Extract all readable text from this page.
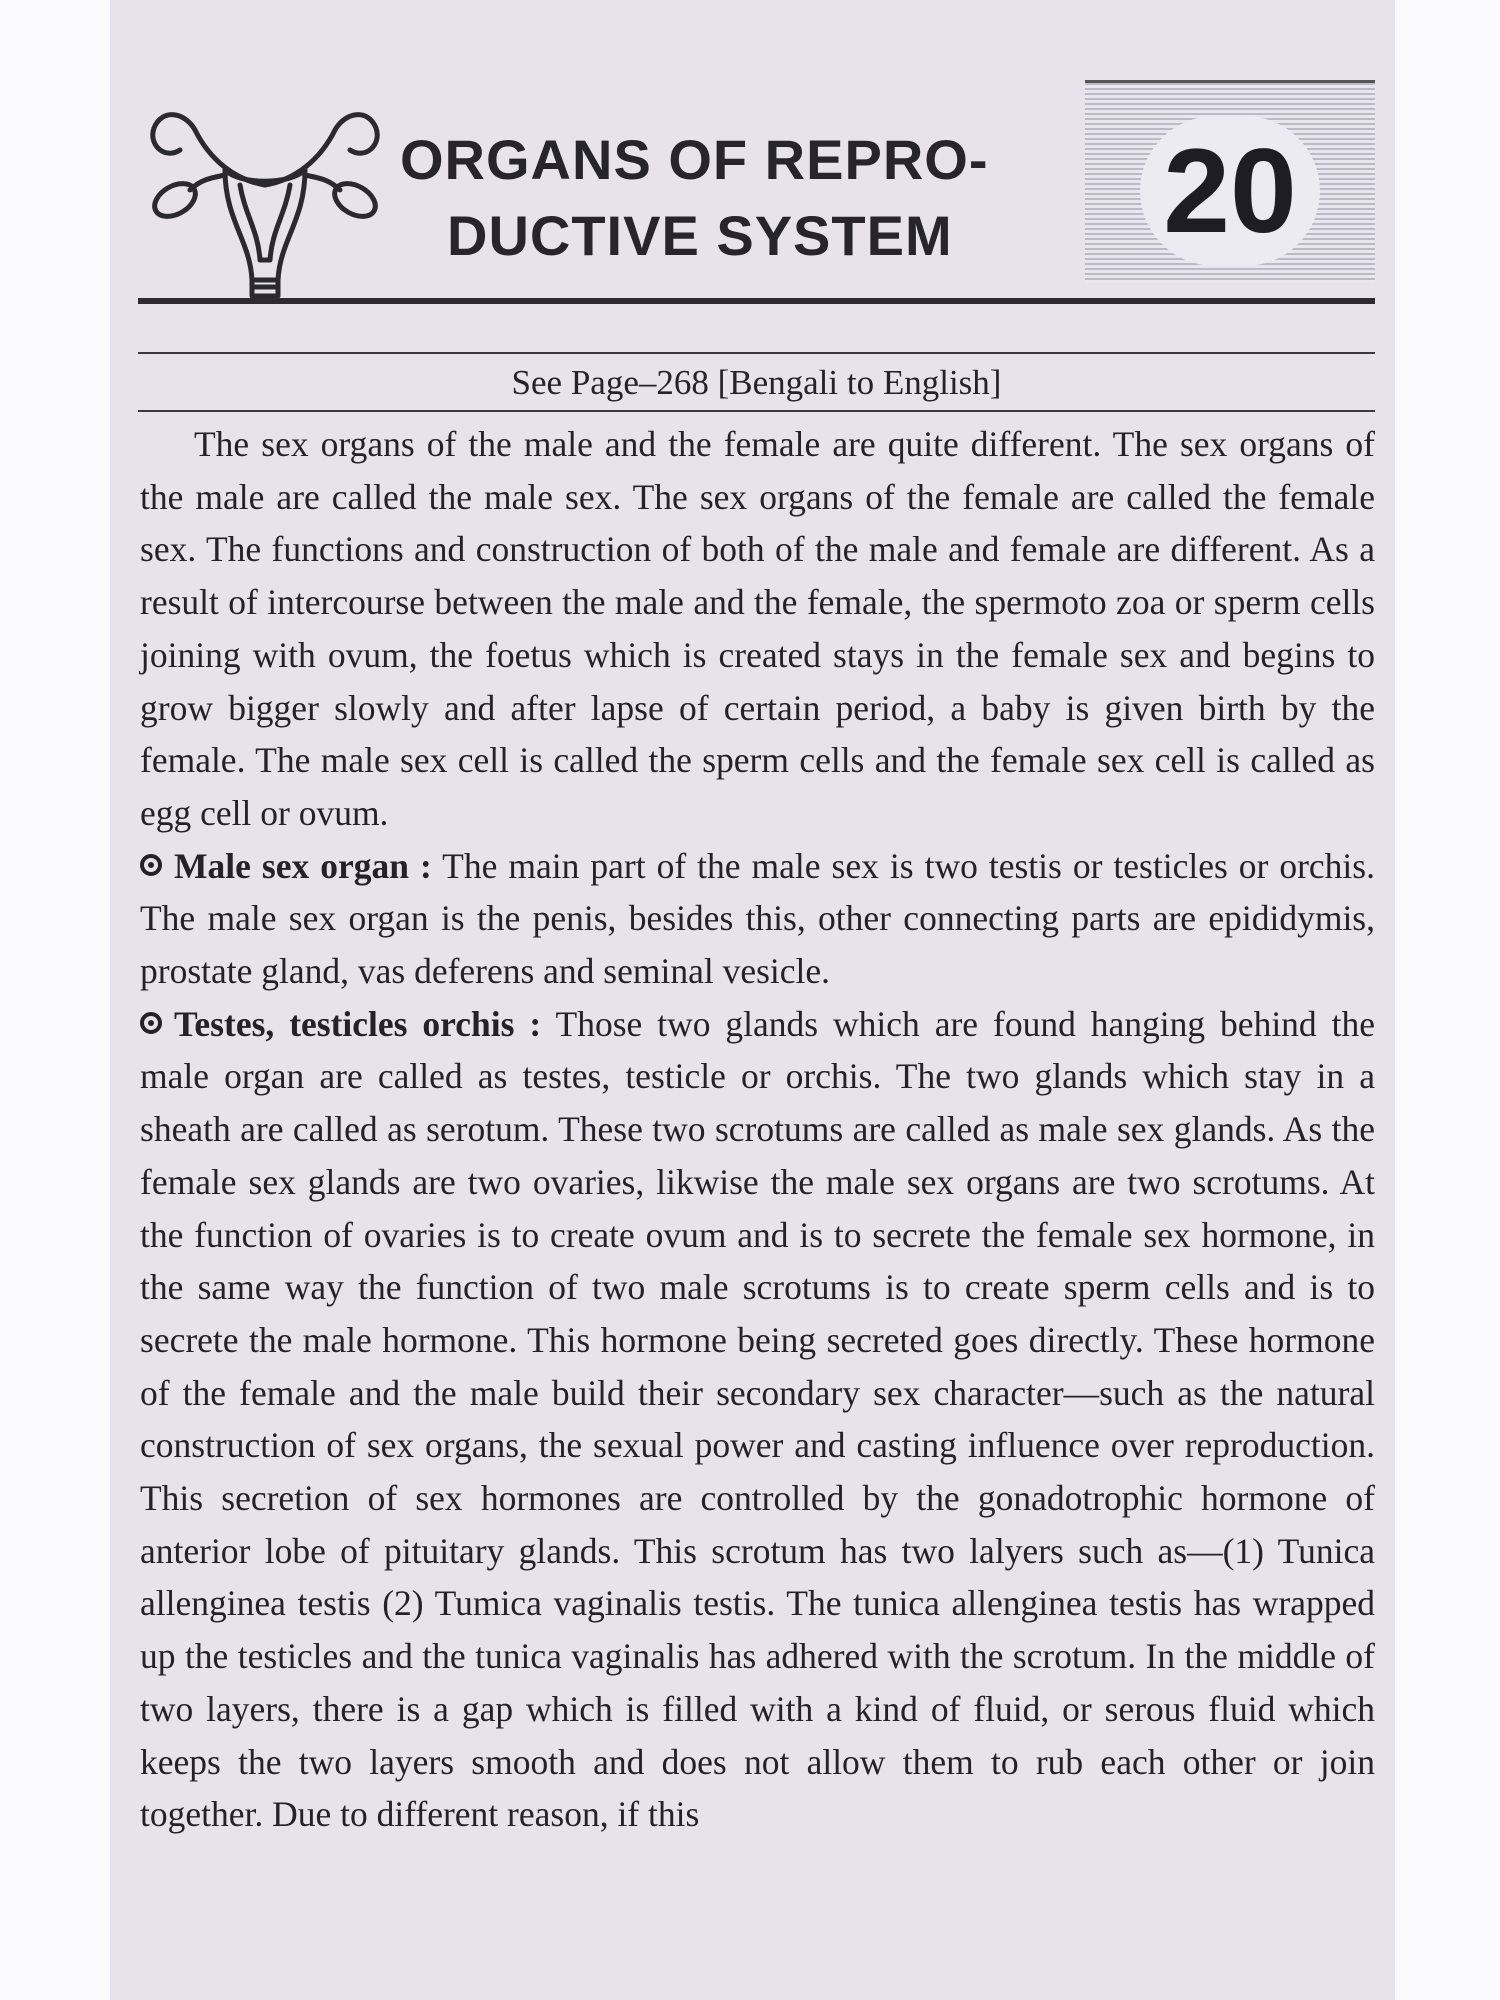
ORGANS OF REPRO-
DUCTIVE SYSTEM 20
See Page–268 [Bengali to English]

The sex organs of the male and the female are quite different. The sex organs of the male are called the male sex. The sex organs of the female are called the female sex. The functions and construction of both of the male and female are different. As a result of intercourse between the male and the female, the spermoto zoa or sperm cells joining with ovum, the foetus which is created stays in the female sex and begins to grow bigger slowly and after lapse of certain period, a baby is given birth by the female. The male sex cell is called the sperm cells and the female sex cell is called as egg cell or ovum.

Male sex organ : The main part of the male sex is two testis or testicles or orchis. The male sex organ is the penis, besides this, other connecting parts are epididymis, prostate gland, vas deferens and seminal vesicle.

Testes, testicles orchis : Those two glands which are found hanging behind the male organ are called as testes, testicle or orchis. The two glands which stay in a sheath are called as serotum. These two scrotums are called as male sex glands. As the female sex glands are two ovaries, likwise the male sex organs are two scrotums. At the function of ovaries is to create ovum and is to secrete the female sex hormone, in the same way the function of two male scrotums is to create sperm cells and is to secrete the male hormone. This hormone being secreted goes directly. These hormone of the female and the male build their secondary sex character—such as the natural construction of sex organs, the sexual power and casting influence over reproduction. This secretion of sex hormones are controlled by the gonadotrophic hormone of anterior lobe of pituitary glands. This scrotum has two lalyers such as—(1) Tunica allenginea testis (2) Tumica vaginalis testis. The tunica allenginea testis has wrapped up the testicles and the tunica vaginalis has adhered with the scrotum. In the middle of two layers, there is a gap which is filled with a kind of fluid, or serous fluid which keeps the two layers smooth and does not allow them to rub each other or join together. Due to different reason, if this
